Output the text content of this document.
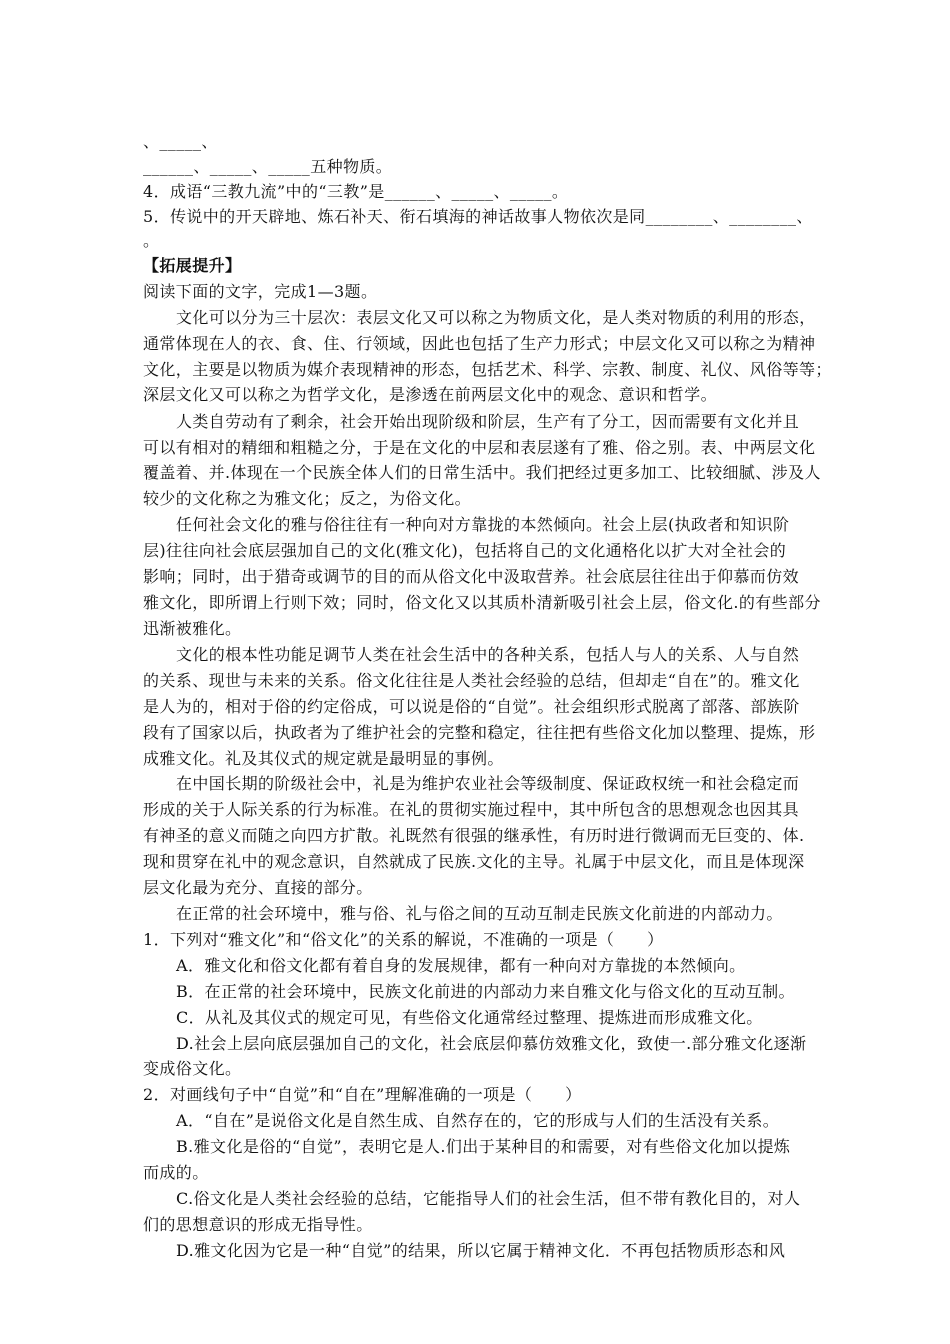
、_____、
______、_____、_____五种物质。
4．成语“三教九流”中的“三教”是______、_____、_____。
5．传说中的开天辟地、炼石补天、衔石填海的神话故事人物依次是同________、________、
。
【拓展提升】
阅读下面的文字，完成1—3题。
文化可以分为三十层次：表层文化又可以称之为物质文化，是人类对物质的利用的形态，
通常体现在人的衣、食、住、行领域，因此也包括了生产力形式；中层文化又可以称之为精神
文化，主要是以物质为媒介表现精神的形态，包括艺术、科学、宗教、制度、礼仪、风俗等等；
深层文化又可以称之为哲学文化，是渗透在前两层文化中的观念、意识和哲学。
人类自劳动有了剩余，社会开始出现阶级和阶层，生产有了分工，因而需要有文化并且
可以有相对的精细和粗糙之分，于是在文化的中层和表层遂有了雅、俗之别。表、中两层文化
覆盖着、并.体现在一个民族全体人们的日常生活中。我们把经过更多加工、比较细腻、涉及人
较少的文化称之为雅文化；反之，为俗文化。
任何社会文化的雅与俗往往有一种向对方靠拢的本然倾向。社会上层(执政者和知识阶
层)往往向社会底层强加自己的文化(雅文化)，包括将自己的文化通格化以扩大对全社会的
影响；同时，出于猎奇或调节的目的而从俗文化中汲取营养。社会底层往往出于仰慕而仿效
雅文化，即所谓上行则下效；同时，俗文化又以其质朴清新吸引社会上层，俗文化.的有些部分
迅渐被雅化。
文化的根本性功能足调节人类在社会生活中的各种关系，包括人与人的关系、人与自然
的关系、现世与未来的关系。俗文化往往是人类社会经验的总结，但却走“自在”的。雅文化
是人为的，相对于俗的约定俗成，可以说是俗的“自觉”。社会组织形式脱离了部落、部族阶
段有了国家以后，执政者为了维护社会的完整和稳定，往往把有些俗文化加以整理、提炼，形
成雅文化。礼及其仪式的规定就是最明显的事例。
在中国长期的阶级社会中，礼是为维护农业社会等级制度、保证政权统一和社会稳定而
形成的关于人际关系的行为标准。在礼的贯彻实施过程中，其中所包含的思想观念也因其具
有神圣的意义而随之向四方扩散。礼既然有很强的继承性，有历时进行微调而无巨变的、体.
现和贯穿在礼中的观念意识，自然就成了民族.文化的主导。礼属于中层文化，而且是体现深
层文化最为充分、直接的部分。
在正常的社会环境中，雅与俗、礼与俗之间的互动互制走民族文化前进的内部动力。
1．下列对“雅文化”和“俗文化”的关系的解说，不准确的一项是（　　）
A．雅文化和俗文化都有着自身的发展规律，都有一种向对方靠拢的本然倾向。
B．在正常的社会环境中，民族文化前进的内部动力来自雅文化与俗文化的互动互制。
C．从礼及其仪式的规定可见，有些俗文化通常经过整理、提炼进而形成雅文化。
D.社会上层向底层强加自己的文化，社会底层仰慕仿效雅文化，致使一.部分雅文化逐渐
变成俗文化。
2．对画线句子中“自觉”和“自在”理解准确的一项是（　　）
A．“自在”是说俗文化是自然生成、自然存在的，它的形成与人们的生活没有关系。
B.雅文化是俗的“自觉”，表明它是人.们出于某种目的和需要，对有些俗文化加以提炼
而成的。
C.俗文化是人类社会经验的总结，它能指导人们的社会生活，但不带有教化目的，对人
们的思想意识的形成无指导性。
D.雅文化因为它是一种“自觉”的结果，所以它属于精神文化．不再包括物质形态和风
